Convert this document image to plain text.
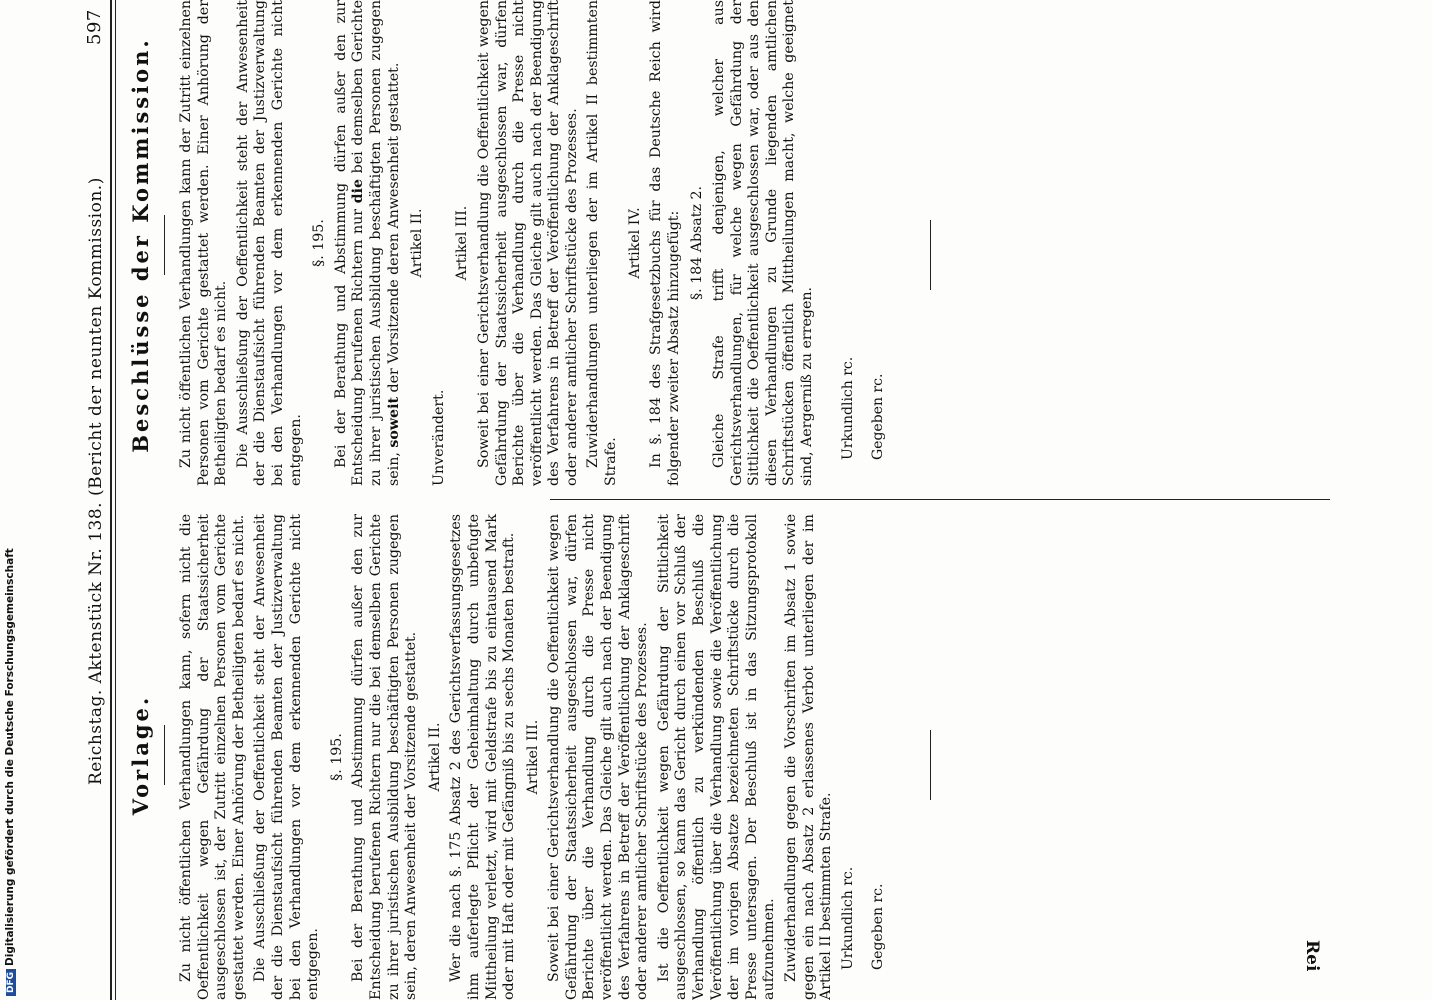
Reichstag. Aktenstück Nr. 138. (Bericht der neunten Kommission.)
597
Vorlage. Zu nicht öffentlichen Verhandlungen kann, sofern nicht die Oeffentlichkeit wegen Gefährdung der Staatssicherheit ausgeschlossen ist, der Zutritt einzelnen Personen vom Gerichte gestattet werden. Einer Anhörung der Betheiligten bedarf es nicht. Die Ausschließung der Oeffentlichkeit steht der Anwesenheit der die Dienstaufsicht führenden Beamten der Justizverwaltung bei den Verhandlungen vor dem erkennenden Gerichte nicht entgegen.

§. 195. Bei der Berathung und Abstimmung dürfen außer den zur Entscheidung berufenen Richtern nur die bei demselben Gerichte zu ihrer juristischen Ausbildung beschäftigten Personen zugegen sein, deren Anwesenheit der Vorsitzende gestattet. Artikel II. Wer die nach §. 175 Absatz 2 des Gerichtsverfassungsgesetzes ihm auferlegte Pflicht der Geheimhaltung durch unbefugte Mittheilung verletzt, wird mit Geldstrafe bis zu eintausend Mark oder mit Haft oder mit Gefängniß bis zu sechs Monaten bestraft. Artikel III. Soweit bei einer Gerichtsverhandlung die Oeffentlichkeit wegen Gefährdung der Staatssicherheit ausgeschlossen war, dürfen Berichte über die Verhandlung durch die Presse nicht veröffentlicht werden. Das Gleiche gilt auch nach der Beendigung des Verfahrens in Betreff der Veröffentlichung der Anklageschrift oder anderer amtlicher Schriftstücke des Prozesses. Ist die Oeffentlichkeit wegen Gefährdung der Sittlichkeit ausgeschlossen, so kann das Gericht durch einen vor Schluß der Verhandlung öffentlich zu verkündenden Beschluß die Veröffentlichung über die Verhandlung sowie die Veröffentlichung der im vorigen Absatze bezeichneten Schriftstücke durch die Presse untersagen. Der Beschluß ist in das Sitzungsprotokoll aufzunehmen. Zuwiderhandlungen gegen die Vorschriften im Absatz 1 sowie gegen ein nach Absatz 2 erlassenes Verbot unterliegen der im Artikel II bestimmten Strafe. Urkundlich rc. Gegeben rc.
Beschlüsse der Kommission. Zu nicht öffentlichen Verhandlungen kann der Zutritt einzelnen Personen vom Gerichte gestattet werden. Einer Anhörung der Betheiligten bedarf es nicht. Die Ausschließung der Oeffentlichkeit steht der Anwesenheit der die Dienstaufsicht führenden Beamten der Justizverwaltung bei den Verhandlungen vor dem erkennenden Gerichte nicht entgegen.

§. 195. Bei der Berathung und Abstimmung dürfen außer den zur Entscheidung berufenen Richtern nur die bei demselben Gerichte zu ihrer juristischen Ausbildung beschäftigten Personen zugegen sein, soweit der Vorsitzende deren Anwesenheit gestattet. Artikel II.

Unverändert.

Artikel III. Soweit bei einer Gerichtsverhandlung die Oeffentlichkeit wegen Gefährdung der Staatssicherheit ausgeschlossen war, dürfen Berichte über die Verhandlung durch die Presse nicht veröffentlicht werden. Das Gleiche gilt auch nach der Beendigung des Verfahrens in Betreff der Veröffentlichung der Anklageschrift oder anderer amtlicher Schriftstücke des Prozesses. Zuwiderhandlungen unterliegen der im Artikel II bestimmten Strafe.

Artikel IV. In §. 184 des Strafgesetzbuchs für das Deutsche Reich wird folgender zweiter Absatz hinzugefügt: §. 184 Absatz 2. Gleiche Strafe trifft denjenigen, welcher aus Gerichtsverhandlungen, für welche wegen Gefährdung der Sittlichkeit die Oeffentlichkeit ausgeschlossen war, oder aus den diesen Verhandlungen zu Grunde liegenden amtlichen Schriftstücken öffentlich Mittheilungen macht, welche geeignet sind, Aergerniß zu erregen. Urkundlich rc. Gegeben rc.
Rei
DFGDigitalisierung gefördert durch die Deutsche Forschungsgemeinschaft
